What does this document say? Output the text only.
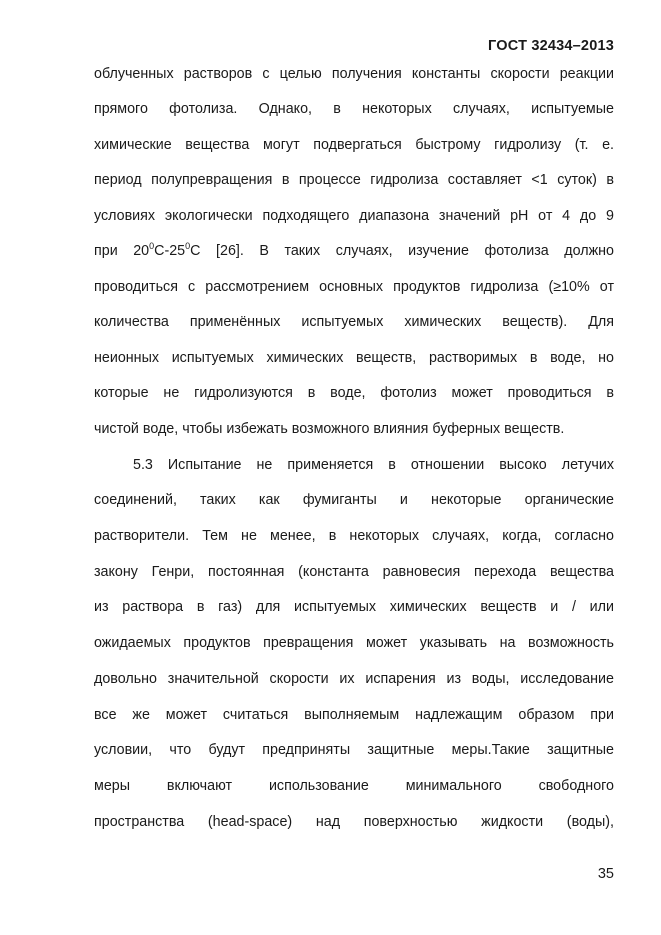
ГОСТ 32434–2013
облученных растворов с целью получения константы скорости реакции
прямого фотолиза. Однако, в некоторых случаях, испытуемые
химические вещества могут подвергаться быстрому гидролизу (т. е.
период полупревращения в процессе гидролиза составляет <1 суток) в
условиях экологически подходящего диапазона значений pH от 4 до 9
при $20^0С-25^0С$ [26]. В таких случаях, изучение фотолиза должно
проводиться с рассмотрением основных продуктов гидролиза (≥10% от
количества применённых испытуемых химических веществ). Для
неионных испытуемых химических веществ, растворимых в воде, но
которые не гидролизуются в воде, фотолиз может проводиться в
чистой воде, чтобы избежать возможного влияния буферных веществ.
5.3 Испытание не применяется в отношении высоко летучих
соединений, таких как фумиганты и некоторые органические
растворители. Тем не менее, в некоторых случаях, когда, согласно
закону Генри, постоянная (константа равновесия перехода вещества
из раствора в газ) для испытуемых химических веществ и / или
ожидаемых продуктов превращения может указывать на возможность
довольно значительной скорости их испарения из воды, исследование
все же может считаться выполняемым надлежащим образом при
условии, что будут предприняты защитные меры.Такие защитные
меры включают использование минимального свободного
пространства (head-space) над поверхностью жидкости (воды),
35
